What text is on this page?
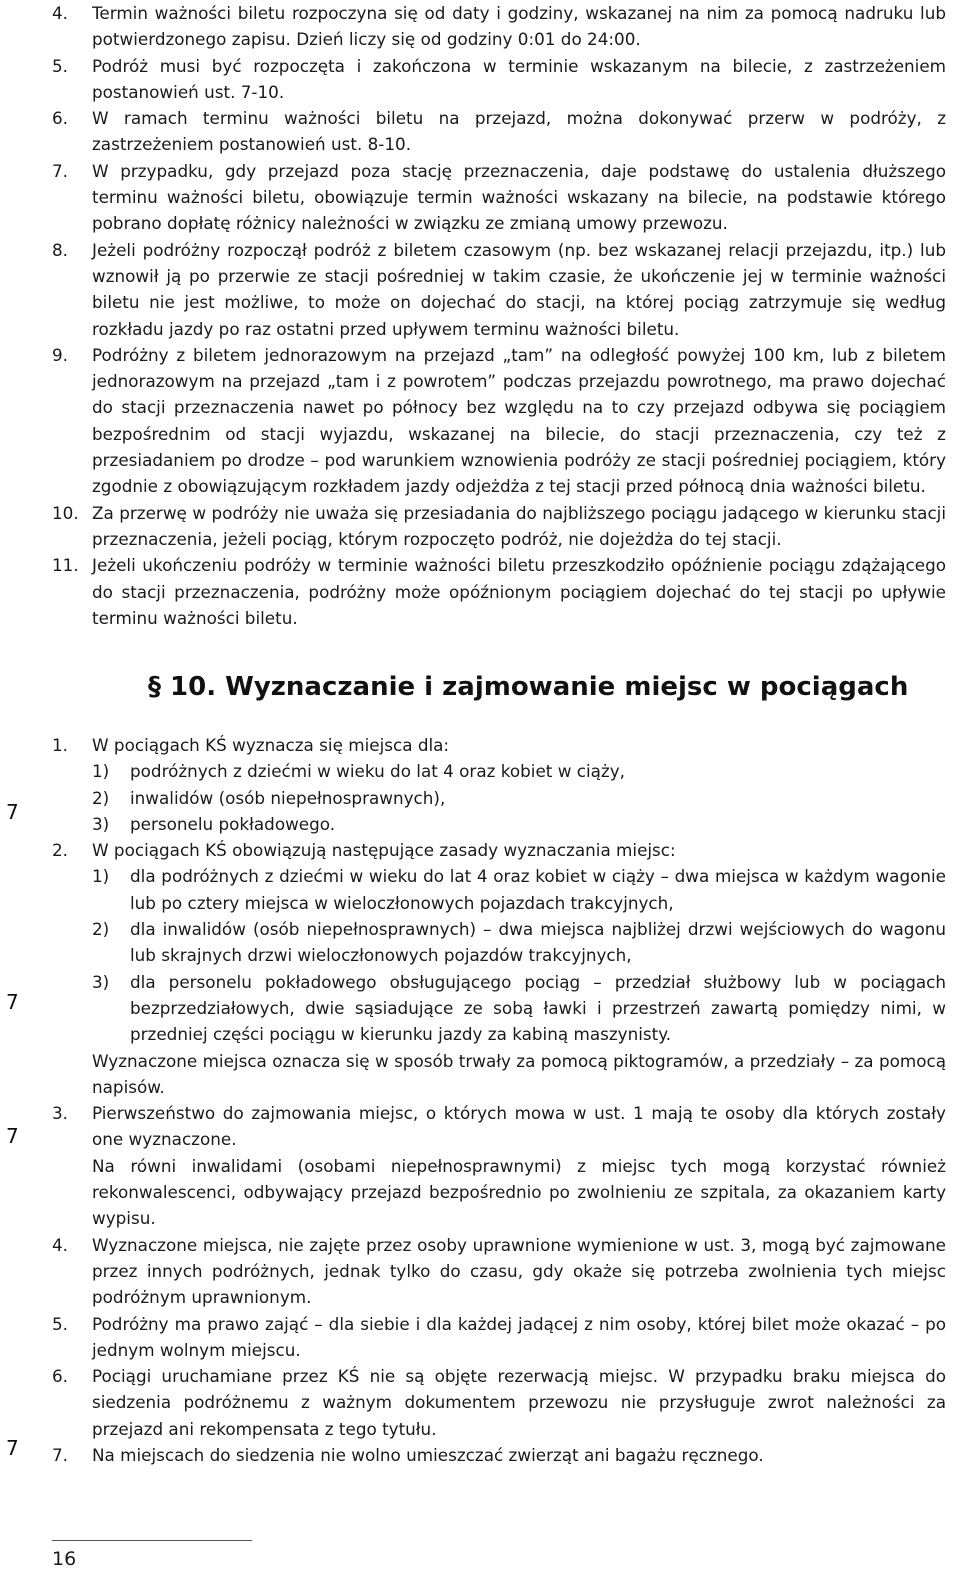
4.	Termin ważności biletu rozpoczyna się od daty i godziny, wskazanej na nim za pomocą nadruku lub potwierdzonego zapisu. Dzień liczy się od godziny 0:01 do 24:00.
5.	Podróż musi być rozpoczęta i zakończona w terminie wskazanym na bilecie, z zastrzeżeniem postanowień ust. 7-10.
6.	W ramach terminu ważności biletu na przejazd, można dokonywać przerw w podróży, z zastrzeżeniem postanowień ust. 8-10.
7.	W przypadku, gdy przejazd poza stację przeznaczenia, daje podstawę do ustalenia dłuższego terminu ważności biletu, obowiązuje termin ważności wskazany na bilecie, na podstawie którego pobrano dopłatę różnicy należności w związku ze zmianą umowy przewozu.
8.	Jeżeli podróżny rozpoczął podróż z biletem czasowym (np. bez wskazanej relacji przejazdu, itp.) lub wznowił ją po przerwie ze stacji pośredniej w takim czasie, że ukończenie jej w terminie ważności biletu nie jest możliwe, to może on dojechać do stacji, na której pociąg zatrzymuje się według rozkładu jazdy po raz ostatni przed upływem terminu ważności biletu.
9.	Podróżny z biletem jednorazowym na przejazd „tam” na odległość powyżej 100 km, lub z biletem jednorazowym na przejazd „tam i z powrotem” podczas przejazdu powrotnego, ma prawo dojechać do stacji przeznaczenia nawet po północy bez względu na to czy przejazd odbywa się pociągiem bezpośrednim od stacji wyjazdu, wskazanej na bilecie, do stacji przeznaczenia, czy też z przesiadaniem po drodze – pod warunkiem wznowienia podróży ze stacji pośredniej pociągiem, który zgodnie z obowiązującym rozkładem jazdy odjeżdża z tej stacji przed północą dnia ważności biletu.
10. Za przerwę w podróży nie uważa się przesiadania do najbliższego pociągu jadącego w kierunku stacji przeznaczenia, jeżeli pociąg, którym rozpoczęto podróż, nie dojeżdża do tej stacji.
11. Jeżeli ukończeniu podróży w terminie ważności biletu przeszkodziło opóźnienie pociągu zdążającego do stacji przeznaczenia, podróżny może opóźnionym pociągiem dojechać do tej stacji po upływie terminu ważności biletu.
§ 10. Wyznaczanie i zajmowanie miejsc w pociągach
1.	W pociągach KŚ wyznacza się miejsca dla:
1)	podróżnych z dziećmi w wieku do lat 4 oraz kobiet w ciąży,
2)	inwalidów (osób niepełnosprawnych),
3)	personelu pokładowego.
2.	W pociągach KŚ obowiązują następujące zasady wyznaczania miejsc:
1)	dla podróżnych z dziećmi w wieku do lat 4 oraz kobiet w ciąży – dwa miejsca w każdym wagonie lub po cztery miejsca w wieloczłonowych pojazdach trakcyjnych,
2)	dla inwalidów (osób niepełnosprawnych) – dwa miejsca najbliżej drzwi wejściowych do wagonu lub skrajnych drzwi wieloczłonowych pojazdów trakcyjnych,
3)	dla personelu pokładowego obsługującego pociąg – przedział służbowy lub w pociągach bezprzedziałowych, dwie sąsiadujące ze sobą ławki i przestrzeń zawartą pomiędzy nimi, w przedniej części pociągu w kierunku jazdy za kabiną maszynisty.
Wyznaczone miejsca oznacza się w sposób trwały za pomocą piktogramów, a przedziały – za pomocą napisów.
3.	Pierwszeństwo do zajmowania miejsc, o których mowa w ust. 1 mają te osoby dla których zostały one wyznaczone.
Na równi inwalidami (osobami niepełnosprawnymi) z miejsc tych mogą korzystać również rekonwalescenci, odbywający przejazd bezpośrednio po zwolnieniu ze szpitala, za okazaniem karty wypisu.
4.	Wyznaczone miejsca, nie zajęte przez osoby uprawnione wymienione w ust. 3, mogą być zajmowane przez innych podróżnych, jednak tylko do czasu, gdy okaże się potrzeba zwolnienia tych miejsc podróżnym uprawnionym.
5.	Podróżny ma prawo zająć – dla siebie i dla każdej jadącej z nim osoby, której bilet może okazać – po jednym wolnym miejscu.
6.	Pociągi uruchamiane przez KŚ nie są objęte rezerwacją miejsc. W przypadku braku miejsca do siedzenia podróżnemu z ważnym dokumentem przewozu nie przysługuje zwrot należności za przejazd ani rekompensata z tego tytułu.
7.	Na miejscach do siedzenia nie wolno umieszczać zwierząt ani bagażu ręcznego.
7
7
7
7
16
